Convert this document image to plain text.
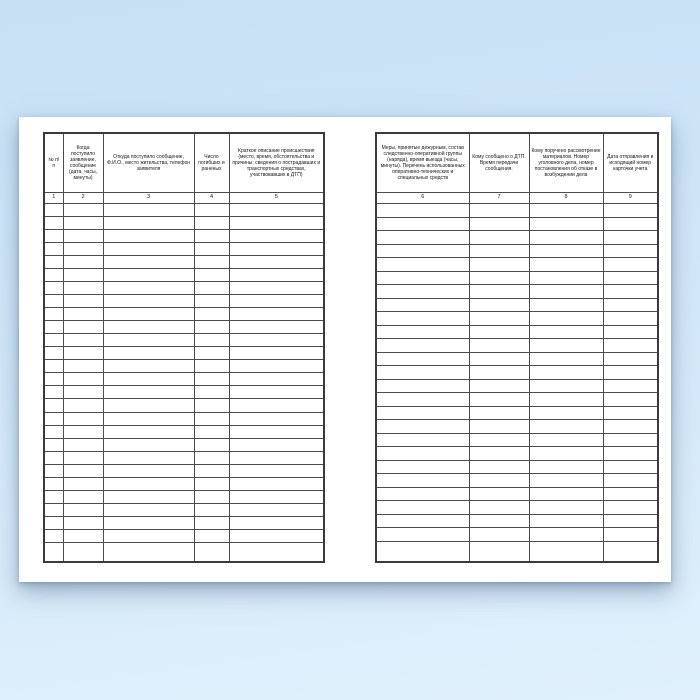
№ п/п	Когда поступило заявление, сообщение (дата, часы, минуты)	Откуда поступило сообщение, Ф.И.О., место жительства, телефон заявителя	Число погибших и раненых	Краткое описание происшествия (место, время, обстоятельства и причины; сведения о пострадавших и транспортных средствах, участвовавших в ДТП)
1	2	3	4	5

Меры, принятые дежурным, состав следственно-оперативной группы (наряда), время выезда (часы, минуты). Перечень использованных оперативно-технических и специальных средств	Кому сообщено о ДТП. Время передачи сообщения.	Кому поручено рассмотрение материалов. Номер уголовного дела, номер постановления об отказе в возбуждении дела	Дата отправления и исходящий номер карточки учета
6	7	8	9
